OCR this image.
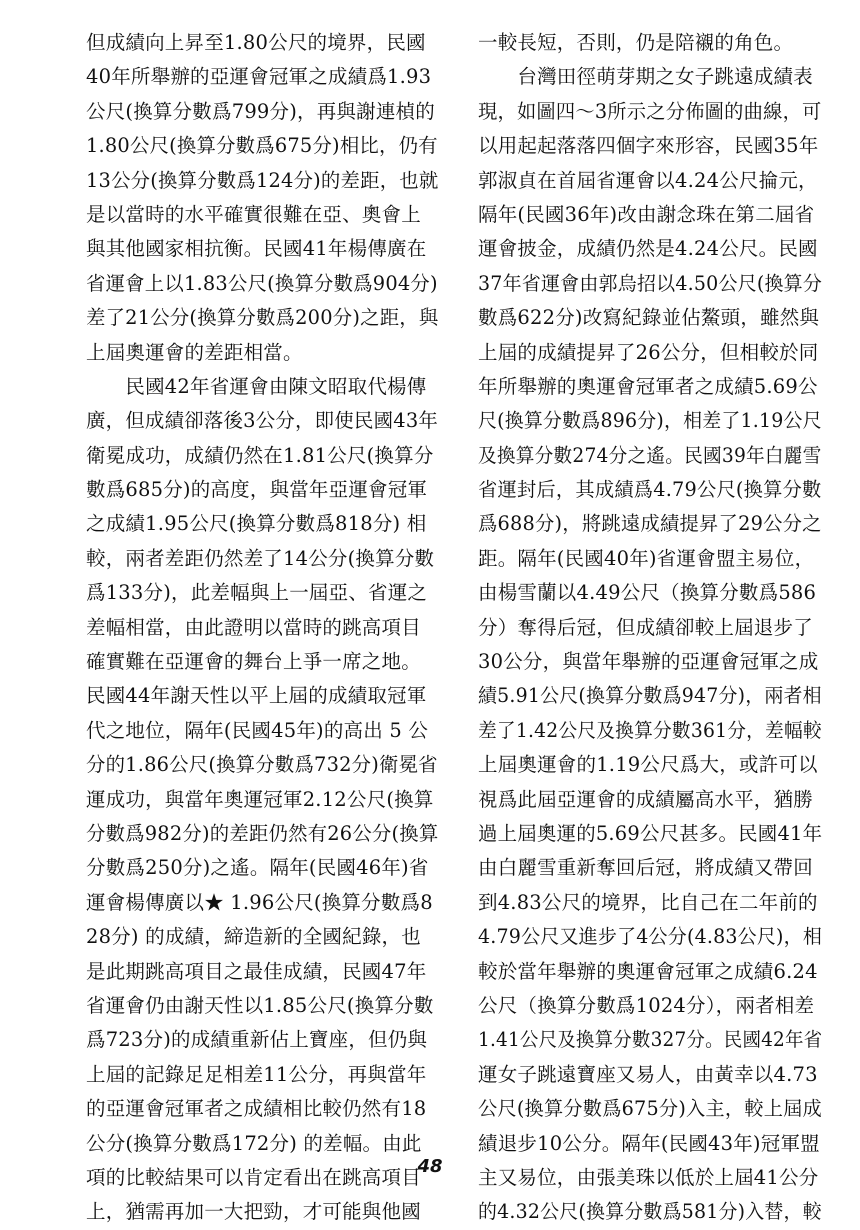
但成績向上昇至1.80公尺的境界，民國
40年所舉辦的亞運會冠軍之成績爲1.93
公尺(換算分數爲799分)，再與謝連楨的
1.80公尺(換算分數爲675分)相比，仍有
13公分(換算分數爲124分)的差距，也就
是以當時的水平確實很難在亞、奧會上
與其他國家相抗衡。民國41年楊傳廣在
省運會上以1.83公尺(換算分數爲904分)
差了21公分(換算分數爲200分)之距，與
上屆奧運會的差距相當。
　　民國42年省運會由陳文昭取代楊傳
廣，但成績卻落後3公分，即使民國43年
衛冕成功，成績仍然在1.81公尺(換算分
數爲685分)的高度，與當年亞運會冠軍
之成績1.95公尺(換算分數爲818分) 相
較，兩者差距仍然差了14公分(換算分數
爲133分)，此差幅與上一屆亞、省運之
差幅相當，由此證明以當時的跳高項目
確實難在亞運會的舞台上爭一席之地。
民國44年謝天性以平上屆的成績取冠軍
代之地位，隔年(民國45年)的高出 5 公
分的1.86公尺(換算分數爲732分)衛冕省
運成功，與當年奧運冠軍2.12公尺(換算
分數爲982分)的差距仍然有26公分(換算
分數爲250分)之遙。隔年(民國46年)省
運會楊傳廣以★ 1.96公尺(換算分數爲8
28分) 的成績，締造新的全國紀錄，也
是此期跳高項目之最佳成績，民國47年
省運會仍由謝天性以1.85公尺(換算分數
爲723分)的成績重新佔上寶座，但仍與
上屆的記錄足足相差11公分，再與當年
的亞運會冠軍者之成績相比較仍然有18
公分(換算分數爲172分) 的差幅。由此
項的比較結果可以肯定看出在跳高項目
上，猶需再加一大把勁，才可能與他國
一較長短，否則，仍是陪襯的角色。
　　台灣田徑萌芽期之女子跳遠成績表
現，如圖四～3所示之分佈圖的曲線，可
以用起起落落四個字來形容，民國35年
郭淑貞在首屆省運會以4.24公尺掄元，
隔年(民國36年)改由謝念珠在第二屆省
運會披金，成績仍然是4.24公尺。民國
37年省運會由郭烏招以4.50公尺(換算分
數爲622分)改寫紀錄並佔鰲頭，雖然與
上屆的成績提昇了26公分，但相較於同
年所舉辦的奧運會冠軍者之成績5.69公
尺(換算分數爲896分)，相差了1.19公尺
及換算分數274分之遙。民國39年白麗雪
省運封后，其成績爲4.79公尺(換算分數
爲688分)，將跳遠成績提昇了29公分之
距。隔年(民國40年)省運會盟主易位，
由楊雪蘭以4.49公尺（換算分數爲586
分）奪得后冠，但成績卻較上屆退步了
30公分，與當年舉辦的亞運會冠軍之成
績5.91公尺(換算分數爲947分)，兩者相
差了1.42公尺及換算分數361分，差幅較
上屆奧運會的1.19公尺爲大，或許可以
視爲此屆亞運會的成績屬高水平，猶勝
過上屆奧運的5.69公尺甚多。民國41年
由白麗雪重新奪回后冠，將成績又帶回
到4.83公尺的境界，比自己在二年前的
4.79公尺又進步了4公分(4.83公尺)，相
較於當年舉辦的奧運會冠軍之成績6.24
公尺（換算分數爲1024分），兩者相差
1.41公尺及換算分數327分。民國42年省
運女子跳遠寶座又易人，由黃幸以4.73
公尺(換算分數爲675分)入主，較上屆成
績退步10公分。隔年(民國43年)冠軍盟
主又易位，由張美珠以低於上屆41公分
的4.32公尺(換算分數爲581分)入替，較
48
